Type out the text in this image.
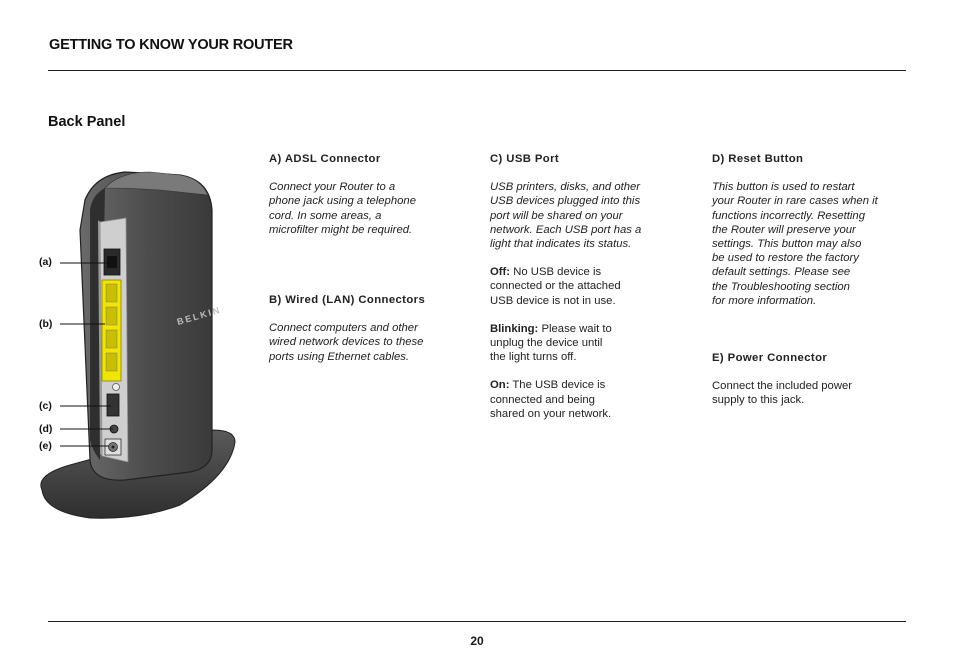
GETTING TO KNOW YOUR ROUTER
Back Panel
BELKIN
(a)
(b)
(c)
(d)
(e)

A) ADSL Connector

Connect your Router to a

phone jack using a telephone

cord. In some areas, a

microfilter might be required.

B) Wired (LAN) Connectors

Connect computers and other

wired network devices to these

ports using Ethernet cables.

C) USB Port

USB printers, disks, and other

USB devices plugged into this

port will be shared on your

network. Each USB port has a

light that indicates its status.

Off: No USB device is

connected or the attached

USB device is not in use.

Blinking: Please wait to

unplug the device until

the light turns off.

On: The USB device is

connected and being

shared on your network.

D) Reset Button

This button is used to restart

your Router in rare cases when it

functions incorrectly. Resetting

the Router will preserve your

settings. This button may also

be used to restore the factory

default settings. Please see

the Troubleshooting section

for more information.

E) Power Connector

Connect the included power

supply to this jack.

20
